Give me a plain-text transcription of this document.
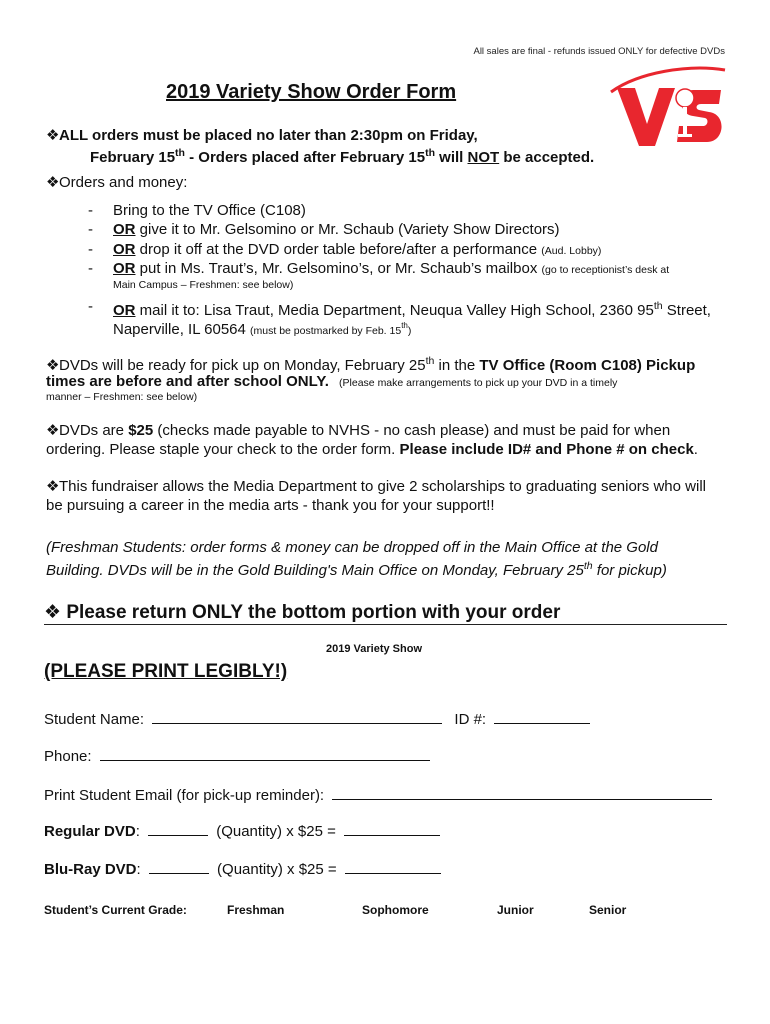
All sales are final - refunds issued ONLY for defective DVDs
2019 Variety Show Order Form
❖ALL orders must be placed no later than 2:30pm on Friday,
February 15th - Orders placed after February 15th will NOT be accepted.
❖Orders and money:
- Bring to the TV Office (C108)
- OR give it to Mr. Gelsomino or Mr. Schaub (Variety Show Directors)
- OR drop it off at the DVD order table before/after a performance (Aud. Lobby)
- OR put in Ms. Traut’s, Mr. Gelsomino’s, or Mr. Schaub’s mailbox (go to receptionist’s desk at
Main Campus – Freshmen: see below)
- OR mail it to: Lisa Traut, Media Department, Neuqua Valley High School, 2360 95th Street,
Naperville, IL 60564 (must be postmarked by Feb. 15th)
❖DVDs will be ready for pick up on Monday, February 25th in the TV Office (Room C108) Pickup
times are before and after school ONLY. (Please make arrangements to pick up your DVD in a timely
manner – Freshmen: see below)
❖DVDs are $25 (checks made payable to NVHS - no cash please) and must be paid for when
ordering. Please staple your check to the order form. Please include ID# and Phone # on check.
❖This fundraiser allows the Media Department to give 2 scholarships to graduating seniors who will
be pursuing a career in the media arts - thank you for your support!!
(Freshman Students: order forms & money can be dropped off in the Main Office at the Gold
Building. DVDs will be in the Gold Building's Main Office on Monday, February 25th for pickup)
❖ Please return ONLY the bottom portion with your order
2019 Variety Show
(PLEASE PRINT LEGIBLY!)
Student Name:	ID #:
Phone:
Print Student Email (for pick-up reminder):
Regular DVD:	(Quantity) x $25 =
Blu-Ray DVD:	(Quantity) x $25 =
Student’s Current Grade:	Freshman	Sophomore	Junior	Senior
